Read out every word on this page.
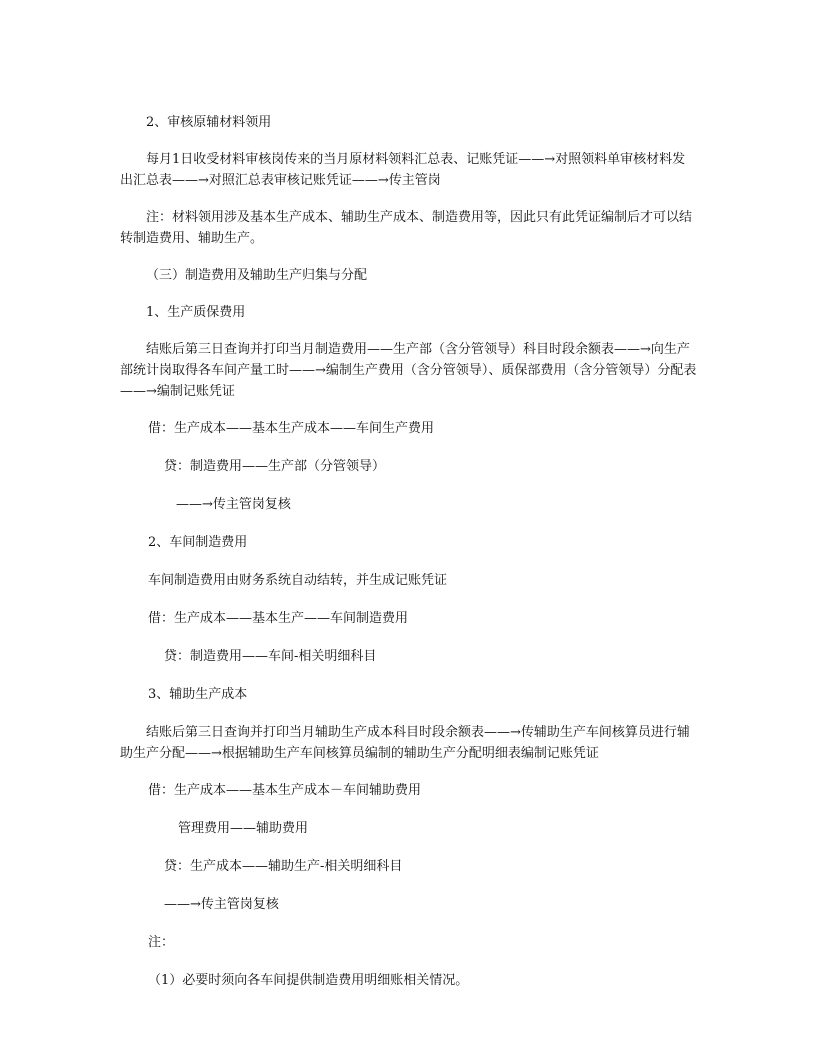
2、审核原辅材料领用

每月1日收受材料审核岗传来的当月原材料领料汇总表、记账凭证——→对照领料单审核材料发出汇总表——→对照汇总表审核记账凭证——→传主管岗

注：材料领用涉及基本生产成本、辅助生产成本、制造费用等，因此只有此凭证编制后才可以结转制造费用、辅助生产。

（三）制造费用及辅助生产归集与分配

1、生产质保费用

结账后第三日查询并打印当月制造费用——生产部（含分管领导）科目时段余额表——→向生产部统计岗取得各车间产量工时——→编制生产费用（含分管领导）、质保部费用（含分管领导）分配表——→编制记账凭证

借：生产成本——基本生产成本——车间生产费用

贷：制造费用——生产部（分管领导）

——→传主管岗复核

2、车间制造费用

车间制造费用由财务系统自动结转，并生成记账凭证

借：生产成本——基本生产——车间制造费用

贷：制造费用——车间-相关明细科目

3、辅助生产成本

结账后第三日查询并打印当月辅助生产成本科目时段余额表——→传辅助生产车间核算员进行辅助生产分配——→根据辅助生产车间核算员编制的辅助生产分配明细表编制记账凭证

借：生产成本——基本生产成本－车间辅助费用

管理费用——辅助费用

贷：生产成本——辅助生产-相关明细科目

——→传主管岗复核

注：

（1）必要时须向各车间提供制造费用明细账相关情况。
